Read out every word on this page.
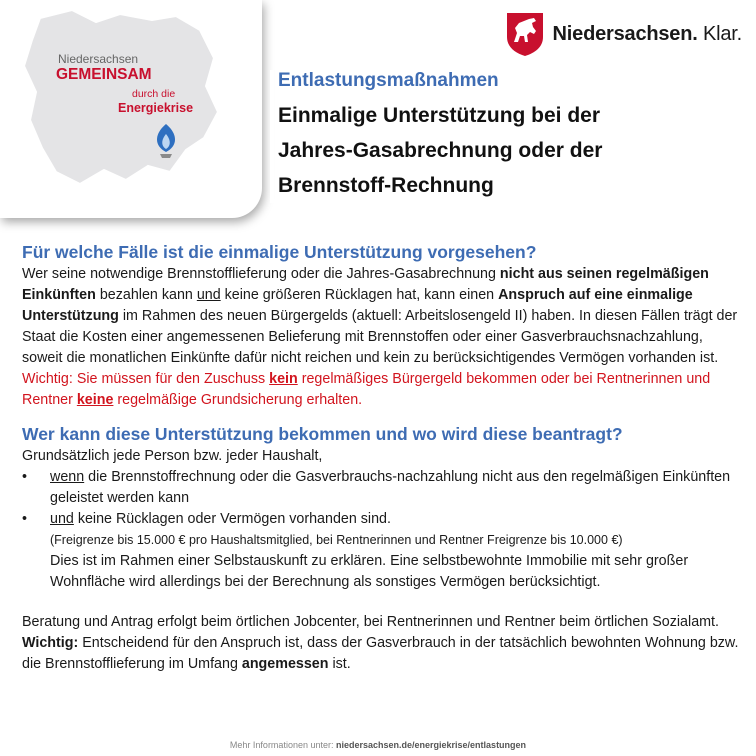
Niedersachsen
GEMEINSAM
durch die
Energiekrise
Niedersachsen. Klar.
Entlastungsmaßnahmen
Einmalige Unterstützung bei der
Jahres-Gasabrechnung oder der
Brennstoff-Rechnung

Für welche Fälle ist die einmalige Unterstützung vorgesehen?

Wer seine notwendige Brennstofflieferung oder die Jahres-Gasabrechnung nicht aus seinen regelmäßigen Einkünften bezahlen kann und keine größeren Rücklagen hat, kann einen Anspruch auf eine einmalige Unterstützung im Rahmen des neuen Bürgergelds (aktuell: Arbeitslosengeld II) haben. In diesen Fällen trägt der Staat die Kosten einer angemessenen Belieferung mit Brennstoffen oder einer Gasverbrauchsnachzahlung, soweit die monatlichen Einkünfte dafür nicht reichen und kein zu berücksichtigendes Vermögen vorhanden ist.

Wichtig: Sie müssen für den Zuschuss kein regelmäßiges Bürgergeld bekommen oder bei Rentnerinnen und Rentner keine regelmäßige Grundsicherung erhalten.

Wer kann diese Unterstützung bekommen und wo wird diese beantragt?

Grundsätzlich jede Person bzw. jeder Haushalt,

• wenn die Brennstoffrechnung oder die Gasverbrauchs-nachzahlung nicht aus den regelmäßigen Einkünften geleistet werden kann
• und keine Rücklagen oder Vermögen vorhanden sind.
(Freigrenze bis 15.000 € pro Haushaltsmitglied, bei Rentnerinnen und Rentner Freigrenze bis 10.000 €)
Dies ist im Rahmen einer Selbstauskunft zu erklären. Eine selbstbewohnte Immobilie mit sehr großer Wohnfläche wird allerdings bei der Berechnung als sonstiges Vermögen berücksichtigt.

Beratung und Antrag erfolgt beim örtlichen Jobcenter, bei Rentnerinnen und Rentner beim örtlichen Sozialamt.

Wichtig: Entscheidend für den Anspruch ist, dass der Gasverbrauch in der tatsächlich bewohnten Wohnung bzw. die Brennstofflieferung im Umfang angemessen ist.

Mehr Informationen unter: niedersachsen.de/energiekrise/entlastungen
